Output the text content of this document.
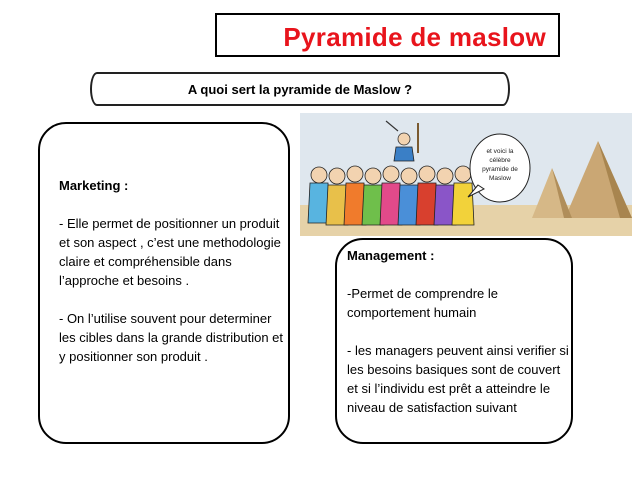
Pyramide de maslow
A quoi sert la pyramide de Maslow ?
Marketing :

- Elle permet de positionner un produit et son aspect , c’est une methodologie claire et compréhensible dans l’approche et besoins .

- On l’utilise souvent pour determiner les cibles dans la grande distribution et y positionner son produit .

et voici la
célèbre
pyramide de
Maslow
Management :

-Permet de comprendre le comportement humain

- les managers peuvent ainsi verifier si les besoins basiques sont de couvert et si l’individu est prêt a atteindre le niveau de satisfaction suivant
